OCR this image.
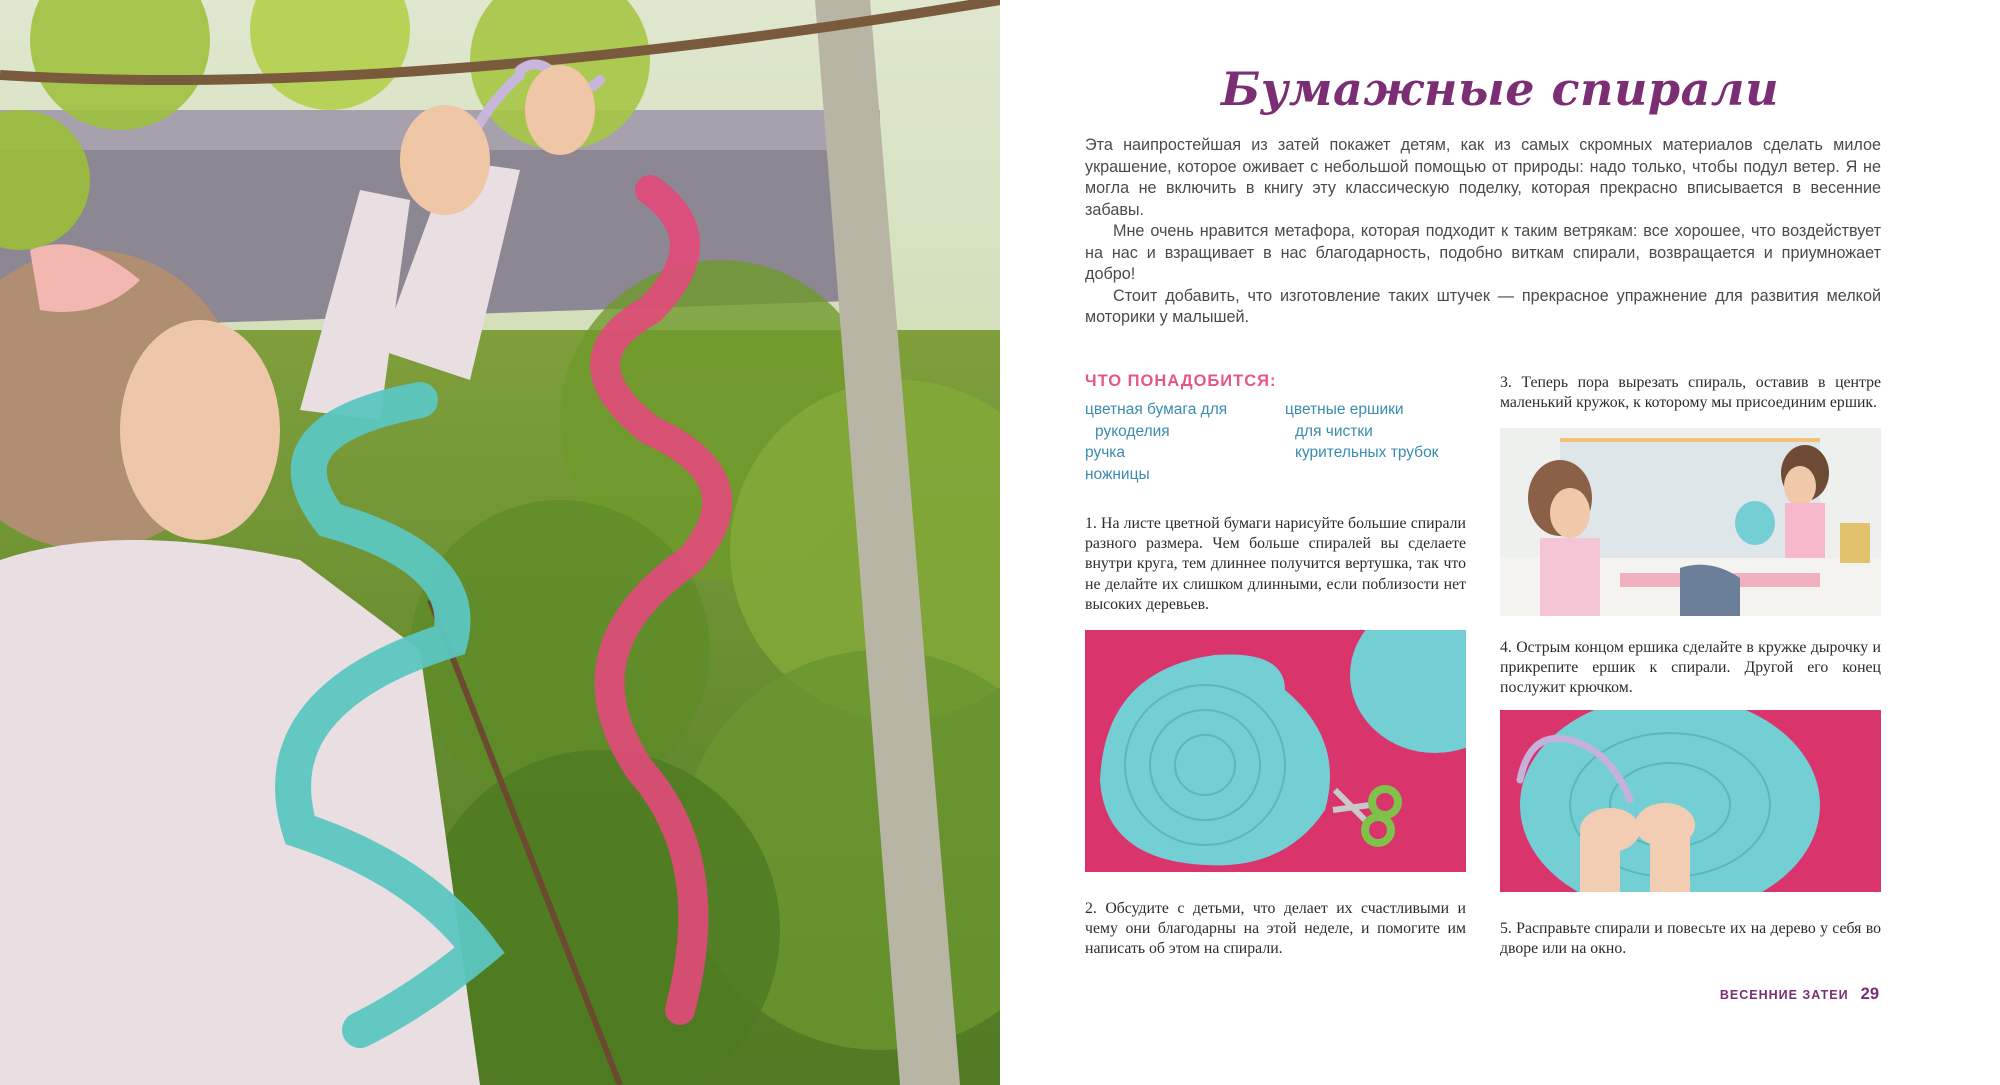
Бумажные спирали

Эта наипростейшая из затей покажет детям, как из самых скромных материалов сделать милое украшение, которое оживает с небольшой помощью от природы: надо только, чтобы подул ветер. Я не могла не включить в книгу эту классическую поделку, которая прекрасно вписывается в весенние забавы.

Мне очень нравится метафора, которая подходит к таким ветрякам: все хорошее, что воздействует на нас и взращивает в нас благодарность, подобно виткам спирали, возвращается и приумножает добро!

Стоит добавить, что изготовление таких штучек — прекрасное упражнение для развития мелкой моторики у малышей.

ЧТО ПОНАДОБИТСЯ:
цветная бумага для
рукоделия
ручка
ножницы
цветные ершики
для чистки
курительных трубок
1. На листе цветной бумаги нарисуйте большие спирали разного размера. Чем больше спиралей вы сделаете внутри круга, тем длиннее получится вертушка, так что не делайте их слишком длинными, если поблизости нет высоких деревьев.
2. Обсудите с детьми, что делает их счастливыми и чему они благодарны на этой неделе, и помогите им написать об этом на спирали.
3. Теперь пора вырезать спираль, оставив в центре маленький кружок, к которому мы присоединим ершик.
4. Острым концом ершика сделайте в кружке дырочку и прикрепите ершик к спирали. Другой его конец послужит крючком.
5. Расправьте спирали и повесьте их на дерево у себя во дворе или на окно.
ВЕСЕННИЕ ЗАТЕИ 29
